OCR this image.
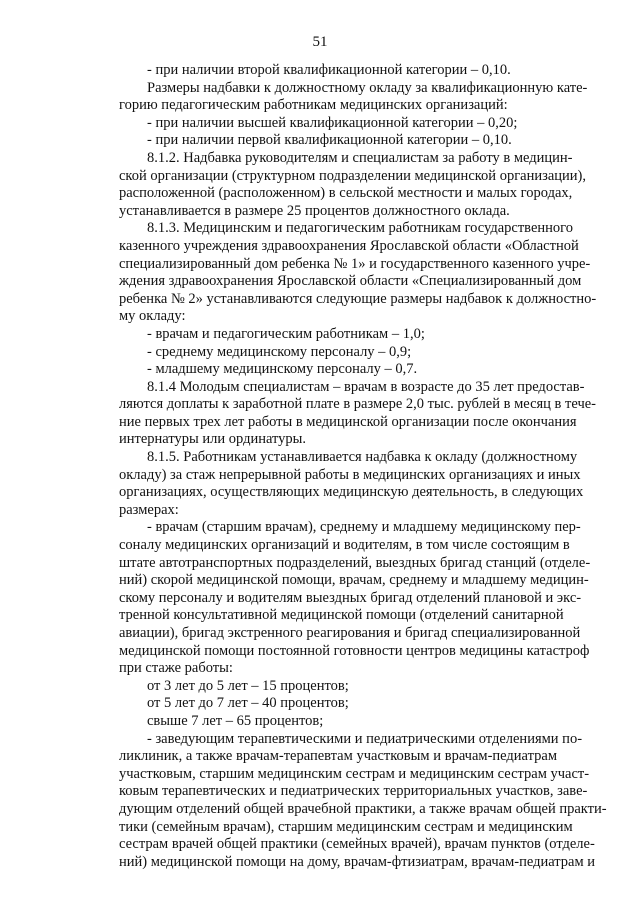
51
- при наличии второй квалификационной категории – 0,10.
Размеры надбавки к должностному окладу за квалификационную кате-
горию педагогическим работникам медицинских организаций:
- при наличии высшей квалификационной категории – 0,20;
- при наличии первой квалификационной категории – 0,10.
8.1.2. Надбавка руководителям и специалистам за работу в медицин-
ской организации (структурном подразделении медицинской организации),
расположенной (расположенном) в сельской местности и малых городах,
устанавливается в размере 25 процентов должностного оклада.
8.1.3. Медицинским и педагогическим работникам государственного
казенного учреждения здравоохранения Ярославской области «Областной
специализированный дом ребенка № 1» и государственного казенного учре-
ждения здравоохранения Ярославской области «Специализированный дом
ребенка № 2» устанавливаются следующие размеры надбавок к должностно-
му окладу:
- врачам и педагогическим работникам – 1,0;
- среднему медицинскому персоналу – 0,9;
- младшему медицинскому персоналу – 0,7.
8.1.4 Молодым специалистам – врачам в возрасте до 35 лет предостав-
ляются доплаты к заработной плате в размере 2,0 тыс. рублей в месяц в тече-
ние первых трех лет работы в медицинской организации после окончания
интернатуры или ординатуры.
8.1.5. Работникам устанавливается надбавка к окладу (должностному
окладу) за стаж непрерывной работы в медицинских организациях и иных
организациях, осуществляющих медицинскую деятельность, в следующих
размерах:
- врачам (старшим врачам), среднему и младшему медицинскому пер-
соналу медицинских организаций и водителям, в том числе состоящим в
штате автотранспортных подразделений, выездных бригад станций (отделе-
ний) скорой медицинской помощи, врачам, среднему и младшему медицин-
скому персоналу и водителям выездных бригад отделений плановой и экс-
тренной консультативной медицинской помощи (отделений санитарной
авиации), бригад экстренного реагирования и бригад специализированной
медицинской помощи постоянной готовности центров медицины катастроф
при стаже работы:
от 3 лет до 5 лет – 15 процентов;
от 5 лет до 7 лет – 40 процентов;
свыше 7 лет – 65 процентов;
- заведующим терапевтическими и педиатрическими отделениями по-
ликлиник, а также врачам-терапевтам участковым и врачам-педиатрам
участковым, старшим медицинским сестрам и медицинским сестрам участ-
ковым терапевтических и педиатрических территориальных участков, заве-
дующим отделений общей врачебной практики, а также врачам общей практи-
тики (семейным врачам), старшим медицинским сестрам и медицинским
сестрам врачей общей практики (семейных врачей), врачам пунктов (отделе-
ний) медицинской помощи на дому, врачам-фтизиатрам, врачам-педиатрам и
